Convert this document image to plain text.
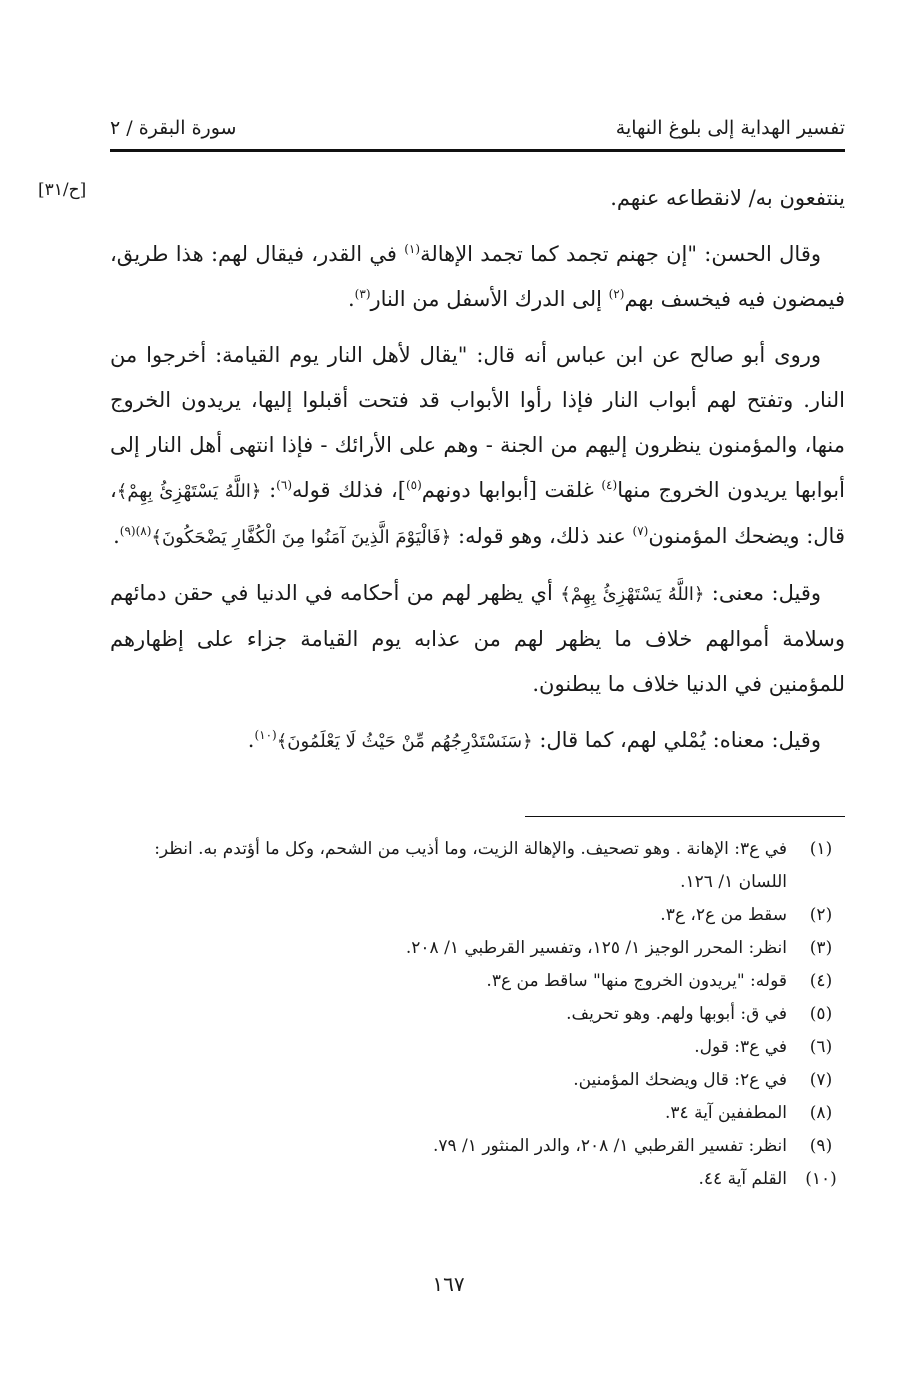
تفسير الهداية إلى بلوغ النهاية
سورة البقرة / ٢
[ح/٣١]	ينتفعون به/ لانقطاعه عنهم.

وقال الحسن: "إن جهنم تجمد كما تجمد الإهالة$^{(١)}$ في القدر، فيقال لهم: هذا طريق، فيمضون فيه فيخسف بهم$^{(٢)}$ إلى الدرك الأسفل من النار$^{(٣)}$.

وروى أبو صالح عن ابن عباس أنه قال: "يقال لأهل النار يوم القيامة: أخرجوا من النار. وتفتح لهم أبواب النار فإذا رأوا الأبواب قد فتحت أقبلوا إليها، يريدون الخروج منها، والمؤمنون ينظرون إليهم من الجنة - وهم على الأرائك - فإذا انتهى أهل النار إلى أبوابها يريدون الخروج منها$^{(٤)}$ غلقت [أبوابها دونهم$^{(٥)}$]، فذلك قوله$^{(٦)}$: ﴿اللَّهُ يَسْتَهْزِئُ بِهِمْ﴾، قال: ويضحك المؤمنون$^{(٧)}$ عند ذلك، وهو قوله: ﴿فَالْيَوْمَ الَّذِينَ آمَنُوا مِنَ الْكُفَّارِ يَضْحَكُونَ﴾$^{(٨)(٩)}$.

وقيل: معنى: ﴿اللَّهُ يَسْتَهْزِئُ بِهِمْ﴾ أي يظهر لهم من أحكامه في الدنيا في حقن دمائهم وسلامة أموالهم خلاف ما يظهر لهم من عذابه يوم القيامة جزاء على إظهارهم للمؤمنين في الدنيا خلاف ما يبطنون.

وقيل: معناه: يُمْلي لهم، كما قال: ﴿سَنَسْتَدْرِجُهُم مِّنْ حَيْثُ لَا يَعْلَمُونَ﴾$^{(١٠)}$.

(١)
في ع٣: الإهانة . وهو تصحيف. والإهالة الزيت، وما أذيب من الشحم، وكل ما أؤتدم به. انظر: اللسان ١/ ١٢٦.
(٢)
سقط من ع٢، ع٣.
(٣)
انظر: المحرر الوجيز ١/ ١٢٥، وتفسير القرطبي ١/ ٢٠٨.
(٤)
قوله: "يريدون الخروج منها" ساقط من ع٣.
(٥)
في ق: أبوبها ولهم. وهو تحريف.
(٦)
في ع٣: قول.
(٧)
في ع٢: قال ويضحك المؤمنين.
(٨)
المطففين آية ٣٤.
(٩)
انظر: تفسير القرطبي ١/ ٢٠٨، والدر المنثور ١/ ٧٩.
(١٠)
القلم آية ٤٤.
١٦٧
